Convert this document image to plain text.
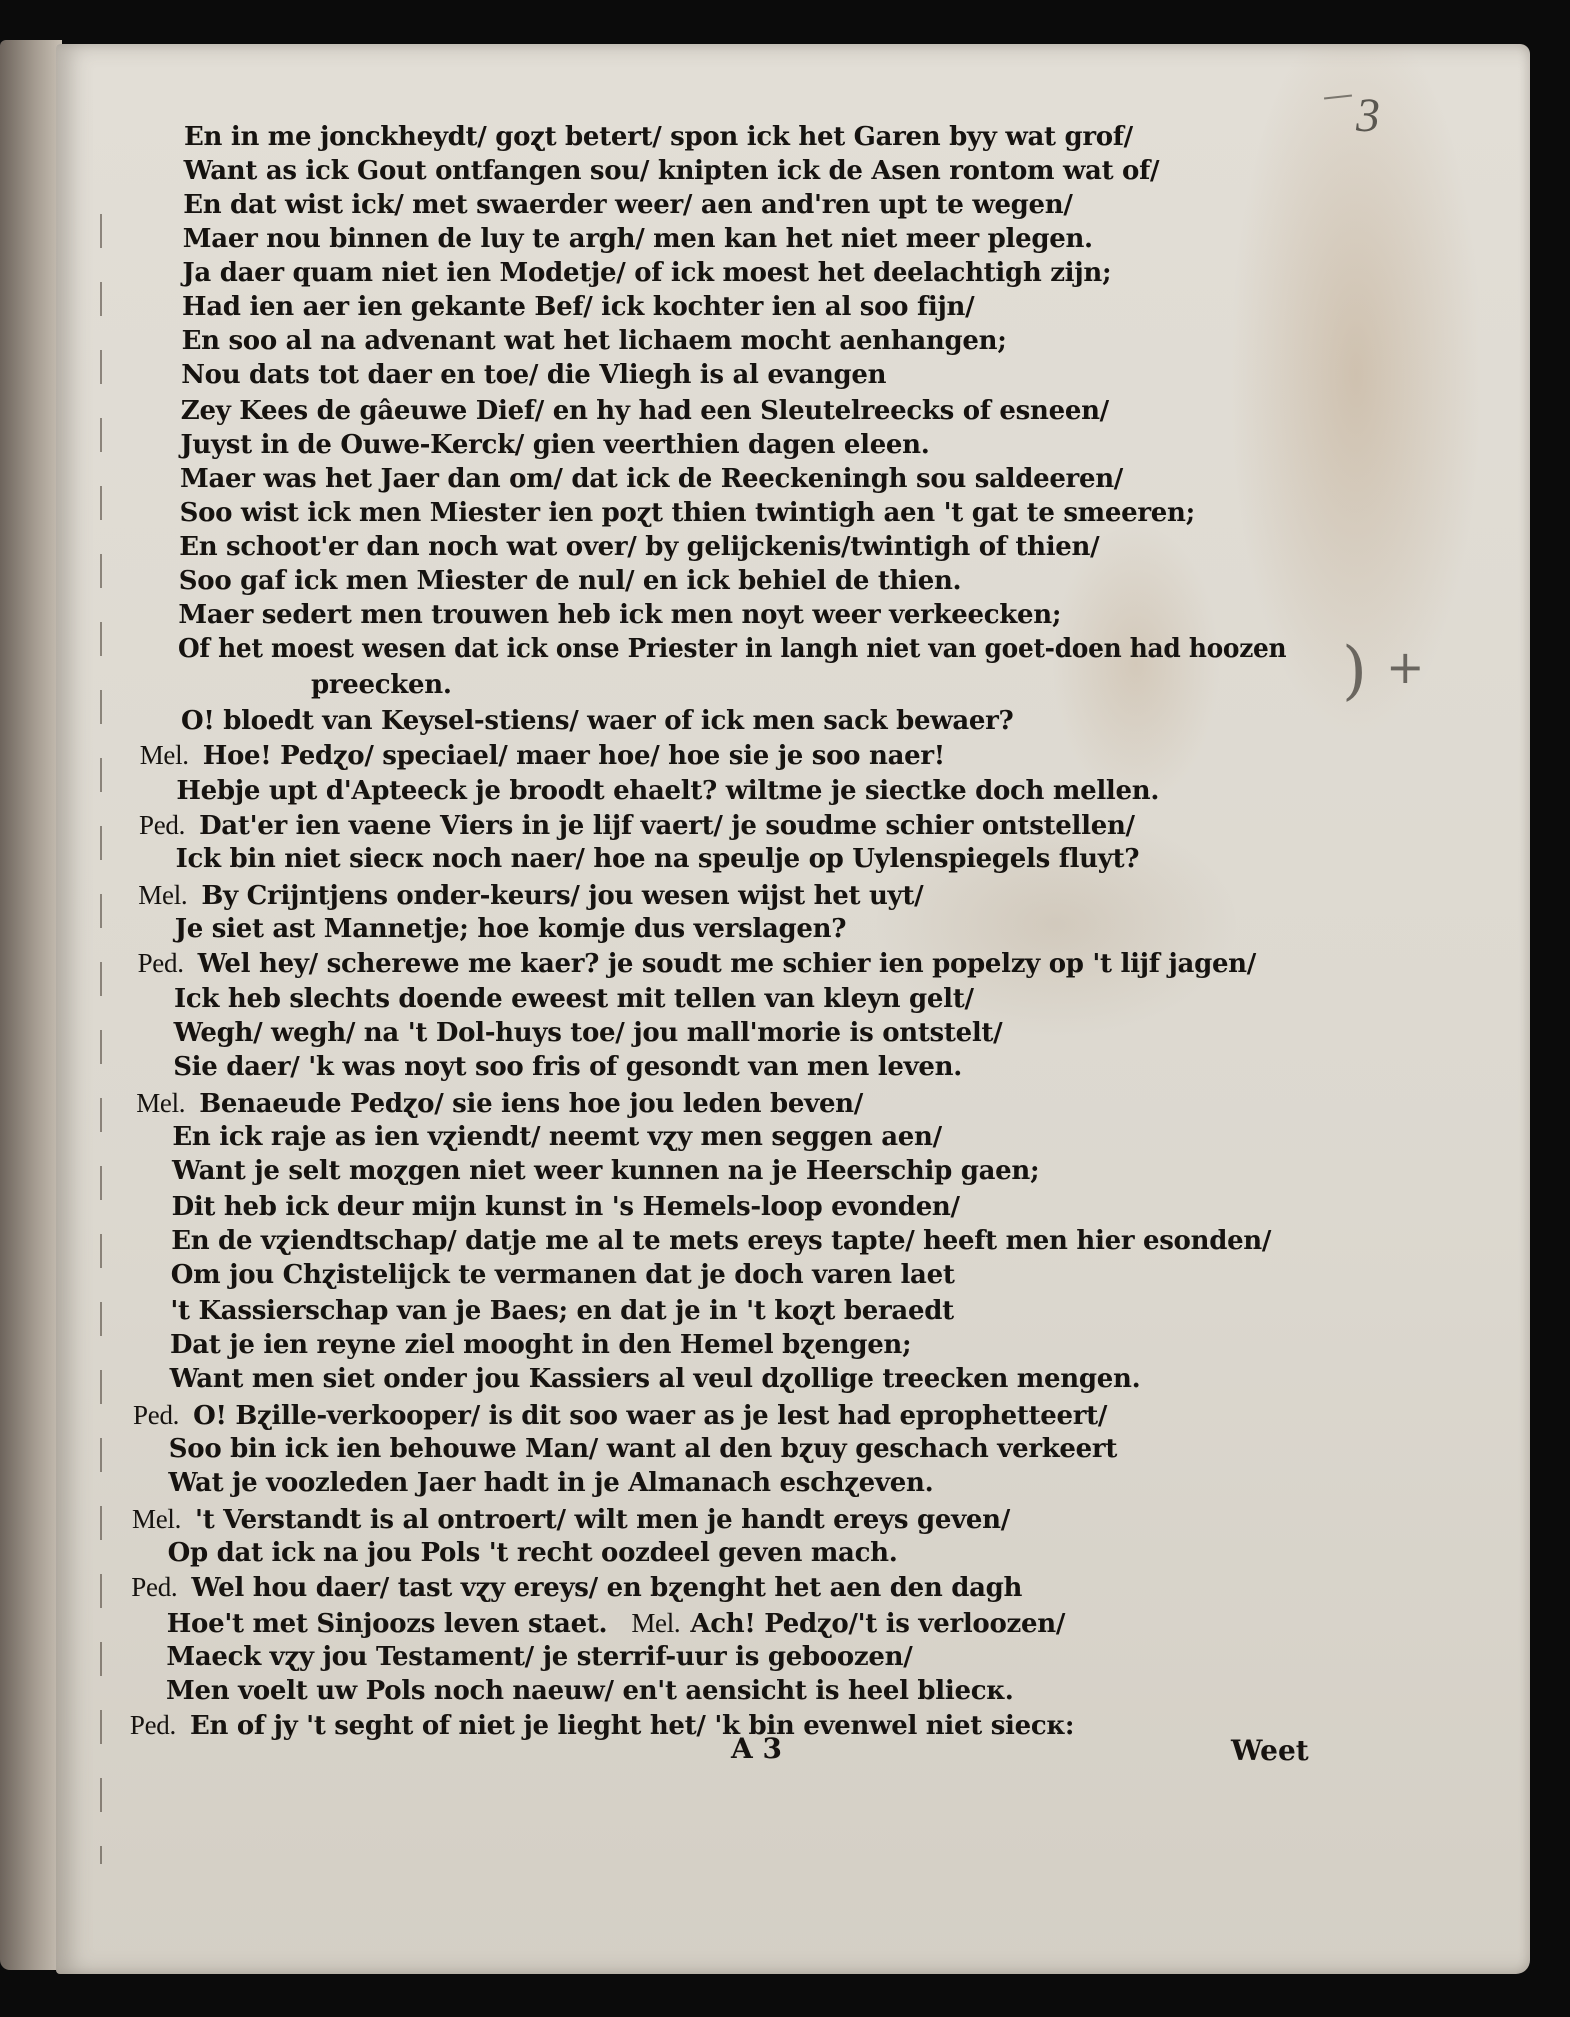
3
En in me jonckheydt/ goɀt betert/ spon ick het Garen byy wat grof/
Want as ick Gout ontfangen sou/ knipten ick de Asen rontom wat of/
En dat wist ick/ met swaerder weer/ aen and'ren upt te wegen/
Maer nou binnen de luy te argh/ men kan het niet meer plegen.
Ja daer quam niet ien Modetje/ of ick moest het deelachtigh zijn;
Had ien aer ien gekante Bef/ ick kochter ien al soo fijn/
En soo al na advenant wat het lichaem mocht aenhangen;
Nou dats tot daer en toe/ die Vliegh is al evangen
Zey Kees de gâeuwe Dief/ en hy had een Sleutelreecks of esneen/
Juyst in de Ouwe-Kerck/ gien veerthien dagen eleen.
Maer was het Jaer dan om/ dat ick de Reeckeningh sou saldeeren/
Soo wist ick men Miester ien poɀt thien twintigh aen 't gat te smeeren;
En schoot'er dan noch wat over/ by gelijckenis/twintigh of thien/
Soo gaf ick men Miester de nul/ en ick behiel de thien.
Maer sedert men trouwen heb ick men noyt weer verkeecken;
Of het moest wesen dat ick onse Priester in langh niet van goet-doen had hoozen
preecken.
O! bloedt van Keysel-stiens/ waer of ick men sack bewaer?
Mel. Hoe! Pedɀo/ speciael/ maer hoe/ hoe sie je soo naer!
Hebje upt d'Apteeck je broodt ehaelt? wiltme je siectke doch mellen.
Ped. Dat'er ien vaene Viers in je lijf vaert/ je soudme schier ontstellen/
Ick bin niet siecк noch naer/ hoe na speulje op Uylenspiegels fluyt?
Mel. By Crijntjens onder-keurs/ jou wesen wijst het uyt/
Je siet ast Mannetje; hoe komje dus verslagen?
Ped. Wel hey/ scherewe me kaer? je soudt me schier ien popelzy op 't lijf jagen/
Ick heb slechts doende eweest mit tellen van kleyn gelt/
Wegh/ wegh/ na 't Dol-huys toe/ jou mall'morie is ontstelt/
Sie daer/ 'k was noyt soo fris of gesondt van men leven.
Mel. Benaeude Pedɀo/ sie iens hoe jou leden beven/
En ick raje as ien vɀiendt/ neemt vɀy men seggen aen/
Want je selt moɀgen niet weer kunnen na je Heerschip gaen;
Dit heb ick deur mijn kunst in 's Hemels-loop evonden/
En de vɀiendtschap/ datje me al te mets ereys tapte/ heeft men hier esonden/
Om jou Chɀistelijck te vermanen dat je doch varen laet
't Kassierschap van je Baes; en dat je in 't koɀt beraedt
Dat je ien reyne ziel mooght in den Hemel bɀengen;
Want men siet onder jou Kassiers al veul dɀollige treecken mengen.
Ped. O! Bɀille-verkooper/ is dit soo waer as je lest had eprophetteert/
Soo bin ick ien behouwe Man/ want al den bɀuy geschach verkeert
Wat je voozleden Jaer hadt in je Almanach eschɀeven.
Mel. 't Verstandt is al ontroert/ wilt men je handt ereys geven/
Op dat ick na jou Pols 't recht oozdeel geven mach.
Ped. Wel hou daer/ tast vɀy ereys/ en bɀenght het aen den dagh
Hoe't met Sinjoozs leven staet. Mel. Ach! Pedɀo/'t is verloozen/
Maeck vɀy jou Testament/ je sterrif-uur is geboozen/
Men voelt uw Pols noch naeuw/ en't aensicht is heel bliecк.
Ped. En of jy 't seght of niet je lieght het/ 'k bin evenwel niet siecк:
) +
A 3	Weet
